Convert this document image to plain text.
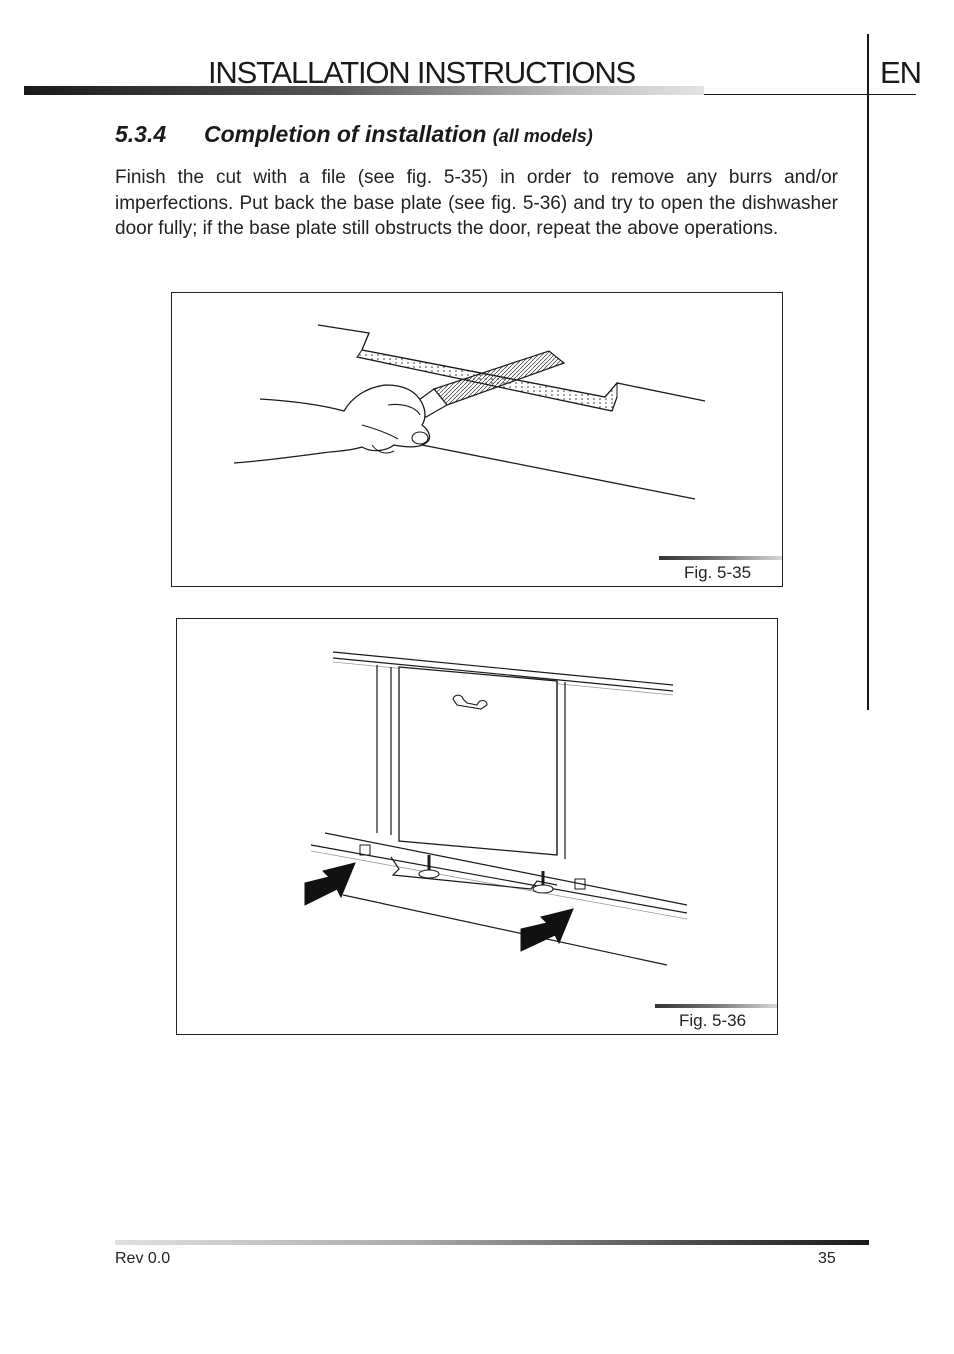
INSTALLATION INSTRUCTIONS	EN
5.3.4 Completion of installation (all models)
Finish the cut with a file (see fig. 5-35) in order to remove any burrs and/or imperfections. Put back the base plate (see fig. 5-36) and try to open the dishwasher door fully; if the base plate still obstructs the door, repeat the above operations.
Fig. 5-35
Fig. 5-36
Rev 0.0	35
